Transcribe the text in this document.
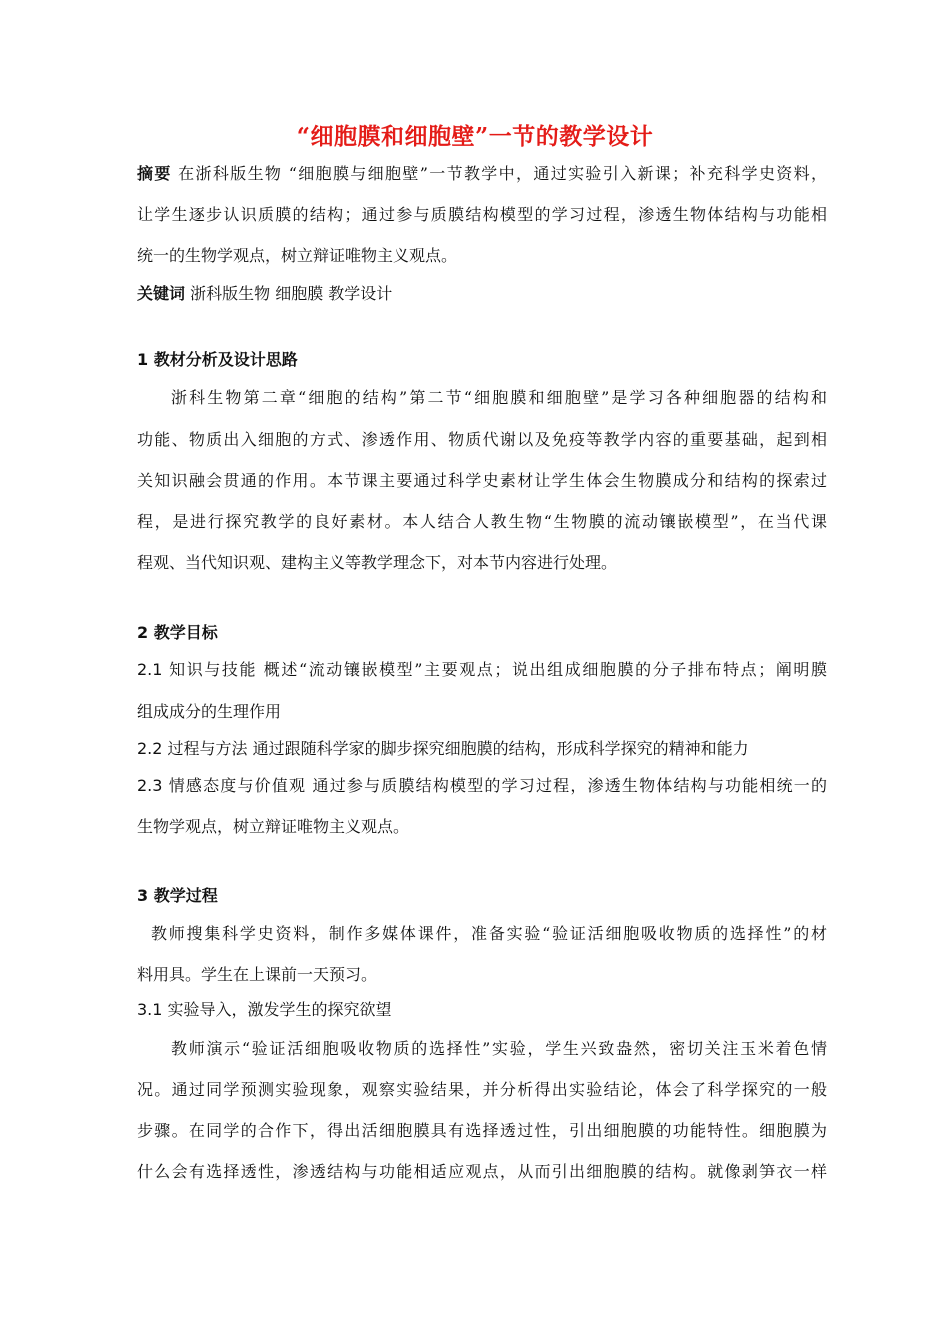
“细胞膜和细胞壁”一节的教学设计
摘要 在浙科版生物 “细胞膜与细胞壁”一节教学中，通过实验引入新课；补充科学史资料，
让学生逐步认识质膜的结构；通过参与质膜结构模型的学习过程，渗透生物体结构与功能相
统一的生物学观点，树立辩证唯物主义观点。
关键词 浙科版生物 细胞膜 教学设计
1 教材分析及设计思路
浙科生物第二章“细胞的结构”第二节“细胞膜和细胞壁”是学习各种细胞器的结构和
功能、物质出入细胞的方式、渗透作用、物质代谢以及免疫等教学内容的重要基础，起到相
关知识融会贯通的作用。本节课主要通过科学史素材让学生体会生物膜成分和结构的探索过
程，是进行探究教学的良好素材。本人结合人教生物“生物膜的流动镶嵌模型”，在当代课
程观、当代知识观、建构主义等教学理念下，对本节内容进行处理。
2 教学目标
2.1 知识与技能 概述“流动镶嵌模型”主要观点；说出组成细胞膜的分子排布特点；阐明膜
组成成分的生理作用
2.2 过程与方法 通过跟随科学家的脚步探究细胞膜的结构，形成科学探究的精神和能力
2.3 情感态度与价值观 通过参与质膜结构模型的学习过程，渗透生物体结构与功能相统一的
生物学观点，树立辩证唯物主义观点。
3 教学过程
教师搜集科学史资料，制作多媒体课件，准备实验“验证活细胞吸收物质的选择性”的材
料用具。学生在上课前一天预习。
3.1 实验导入，激发学生的探究欲望
教师演示“验证活细胞吸收物质的选择性”实验，学生兴致盎然，密切关注玉米着色情
况。通过同学预测实验现象，观察实验结果，并分析得出实验结论，体会了科学探究的一般
步骤。在同学的合作下，得出活细胞膜具有选择透过性，引出细胞膜的功能特性。细胞膜为
什么会有选择透性，渗透结构与功能相适应观点，从而引出细胞膜的结构。就像剥笋衣一样
